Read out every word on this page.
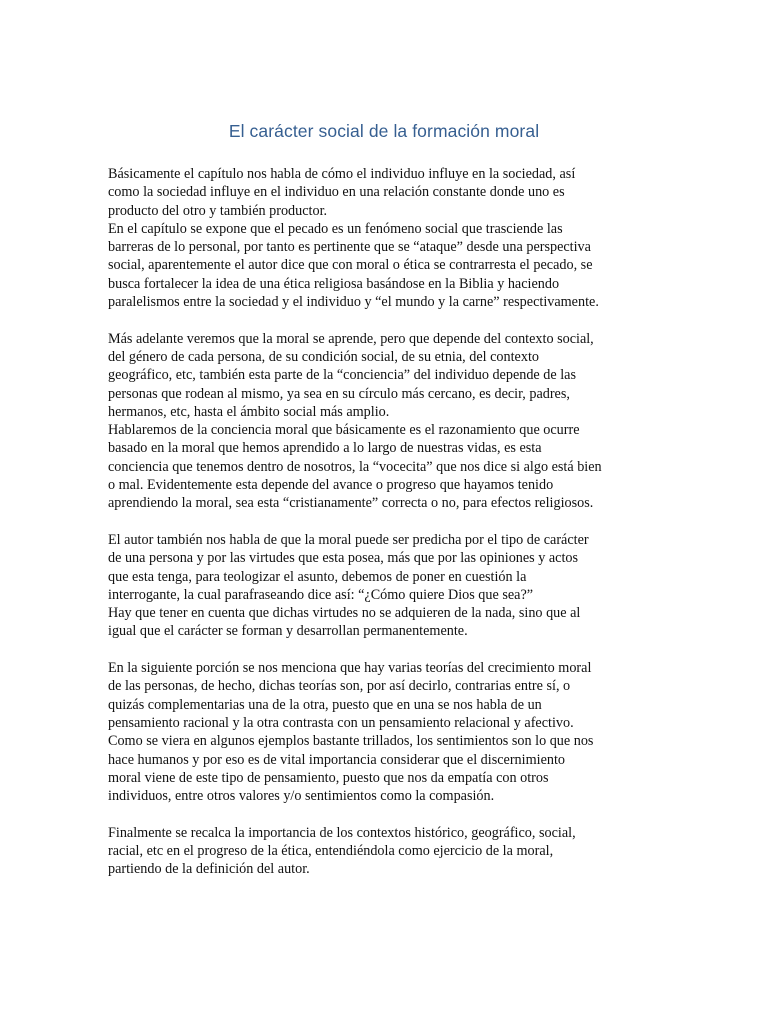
El carácter social de la formación moral
Básicamente el capítulo nos habla de cómo el individuo influye en la sociedad, así
como la sociedad influye en el individuo en una relación constante donde uno es
producto del otro y también productor.
En el capítulo se expone que el pecado es un fenómeno social que trasciende las
barreras de lo personal, por tanto es pertinente que se “ataque” desde una perspectiva
social, aparentemente el autor dice que con moral o ética se contrarresta el pecado, se
busca fortalecer la idea de una ética religiosa basándose en la Biblia y haciendo
paralelismos entre la sociedad y el individuo y “el mundo y la carne” respectivamente.
Más adelante veremos que la moral se aprende, pero que depende del contexto social,
del género de cada persona, de su condición social, de su etnia, del contexto
geográfico, etc, también esta parte de la “conciencia” del individuo depende de las
personas que rodean al mismo, ya sea en su círculo más cercano, es decir, padres,
hermanos, etc, hasta el ámbito social más amplio.
Hablaremos de la conciencia moral que básicamente es el razonamiento que ocurre
basado en la moral que hemos aprendido a lo largo de nuestras vidas, es esta
conciencia que tenemos dentro de nosotros, la “vocecita” que nos dice si algo está bien
o mal. Evidentemente esta depende del avance o progreso que hayamos tenido
aprendiendo la moral, sea esta “cristianamente” correcta o no, para efectos religiosos.
El autor también nos habla de que la moral puede ser predicha por el tipo de carácter
de una persona y por las virtudes que esta posea, más que por las opiniones y actos
que esta tenga, para teologizar el asunto, debemos de poner en cuestión la
interrogante, la cual parafraseando dice así: “¿Cómo quiere Dios que sea?”
Hay que tener en cuenta que dichas virtudes no se adquieren de la nada, sino que al
igual que el carácter se forman y desarrollan permanentemente.
En la siguiente porción se nos menciona que hay varias teorías del crecimiento moral
de las personas, de hecho, dichas teorías son, por así decirlo, contrarias entre sí, o
quizás complementarias una de la otra, puesto que en una se nos habla de un
pensamiento racional y la otra contrasta con un pensamiento relacional y afectivo.
Como se viera en algunos ejemplos bastante trillados, los sentimientos son lo que nos
hace humanos y por eso es de vital importancia considerar que el discernimiento
moral viene de este tipo de pensamiento, puesto que nos da empatía con otros
individuos, entre otros valores y/o sentimientos como la compasión.
Finalmente se recalca la importancia de los contextos histórico, geográfico, social,
racial, etc en el progreso de la ética, entendiéndola como ejercicio de la moral,
partiendo de la definición del autor.
